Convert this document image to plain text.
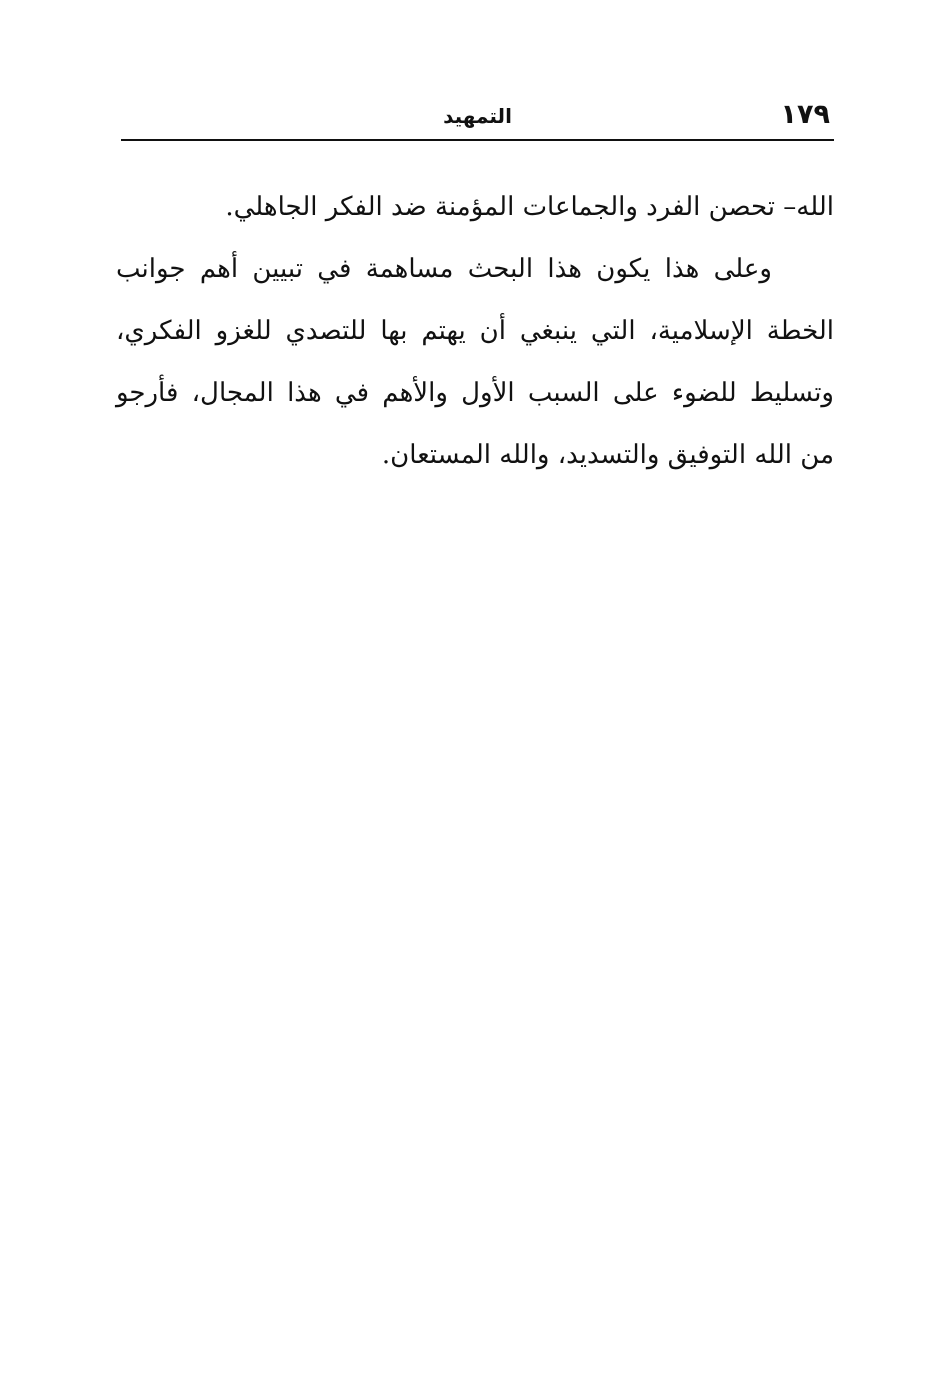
١٧٩
التمهيد

الله– تحصن الفرد والجماعات المؤمنة ضد الفكر الجاهلي.

وعلى هذا يكون هذا البحث مساهمة في تبيين أهم جوانب
الخطة الإسلامية، التي ينبغي أن يهتم بها للتصدي للغزو الفكري،
وتسليط للضوء على السبب الأول والأهم في هذا المجال، فأرجو
من الله التوفيق والتسديد، والله المستعان.
